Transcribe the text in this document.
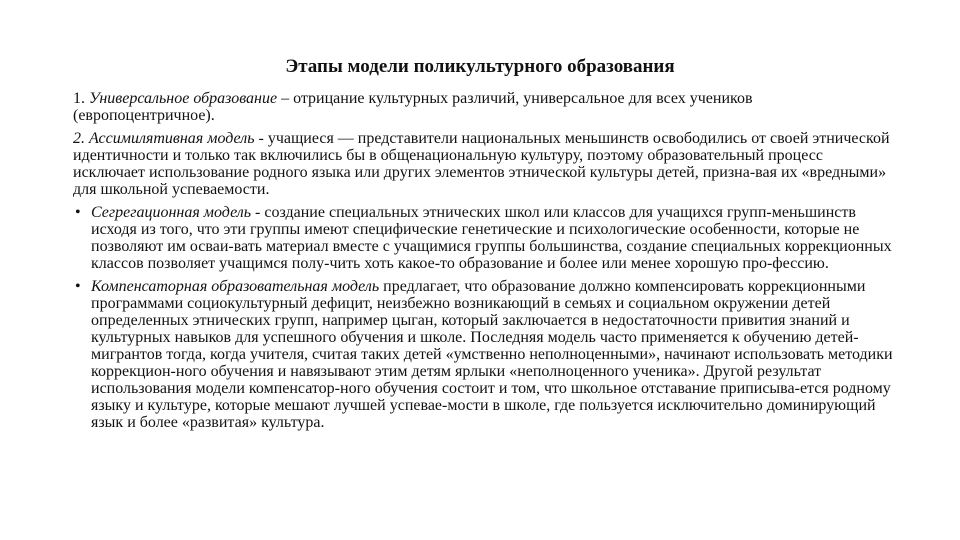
Этапы модели поликультурного образования

1. Универсальное образование – отрицание культурных различий, универсальное для всех учеников (европоцентричное).

2. Ассимилятивная модель - учащиеся — представители национальных меньшинств освободились от своей этнической идентичности и только так включились бы в общенациональную культуру, поэтому образовательный процесс исключает использование родного языка или других элементов этнической культуры детей, призна-вая их «вредными» для школьной успеваемости.

• Сегрегационная модель - создание специальных этнических школ или классов для учащихся групп-меньшинств исходя из того, что эти группы имеют специфические генетические и психологические особенности, которые не позволяют им осваи-вать материал вместе с учащимися группы большинства, создание специальных коррекционных классов позволяет учащимся полу-чить хоть какое-то образование и более или менее хорошую про-фессию.
• Компенсаторная образовательная модель предлагает, что образование должно компенсировать коррекционными программами социокультурный дефицит, неизбежно возникающий в семьях и социальном окружении детей определенных этнических групп, например цыган, который заключается в недостаточности привития знаний и культурных навыков для успешного обучения и школе. Последняя модель часто применяется к обучению детей- мигрантов тогда, когда учителя, считая таких детей «умственно неполноценными», начинают использовать методики коррекцион-ного обучения и навязывают этим детям ярлыки «неполноценного ученика». Другой результат использования модели компенсатор-ного обучения состоит и том, что школьное отставание приписыва-ется родному языку и культуре, которые мешают лучшей успевае-мости в школе, где пользуется исключительно доминирующий язык и более «развитая» культура.
